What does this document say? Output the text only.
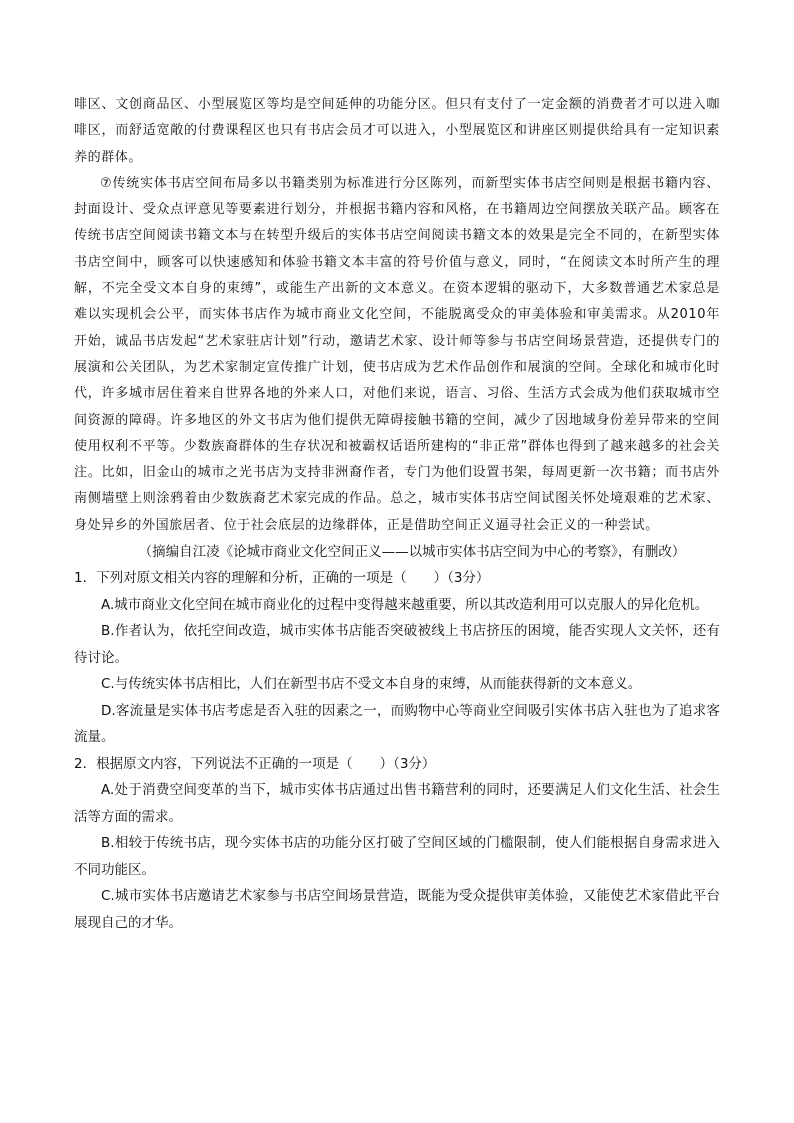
啡区、文创商品区、小型展览区等均是空间延伸的功能分区。但只有支付了一定金额的消费者才可以进入咖啡区，而舒适宽敞的付费课程区也只有书店会员才可以进入，小型展览区和讲座区则提供给具有一定知识素养的群体。

⑦传统实体书店空间布局多以书籍类别为标准进行分区陈列，而新型实体书店空间则是根据书籍内容、封面设计、受众点评意见等要素进行划分，并根据书籍内容和风格，在书籍周边空间摆放关联产品。顾客在传统书店空间阅读书籍文本与在转型升级后的实体书店空间阅读书籍文本的效果是完全不同的，在新型实体书店空间中，顾客可以快速感知和体验书籍文本丰富的符号价值与意义，同时，“在阅读文本时所产生的理解，不完全受文本自身的束缚”，或能生产出新的文本意义。在资本逻辑的驱动下，大多数普通艺术家总是难以实现机会公平，而实体书店作为城市商业文化空间，不能脱离受众的审美体验和审美需求。从2010年开始，诚品书店发起“艺术家驻店计划”行动，邀请艺术家、设计师等参与书店空间场景营造，还提供专门的展演和公关团队，为艺术家制定宣传推广计划，使书店成为艺术作品创作和展演的空间。全球化和城市化时代，许多城市居住着来自世界各地的外来人口，对他们来说，语言、习俗、生活方式会成为他们获取城市空间资源的障碍。许多地区的外文书店为他们提供无障碍接触书籍的空间，减少了因地域身份差异带来的空间使用权利不平等。少数族裔群体的生存状况和被霸权话语所建构的“非正常”群体也得到了越来越多的社会关注。比如，旧金山的城市之光书店为支持非洲裔作者，专门为他们设置书架，每周更新一次书籍；而书店外南侧墙壁上则涂鸦着由少数族裔艺术家完成的作品。总之，城市实体书店空间试图关怀处境艰难的艺术家、身处异乡的外国旅居者、位于社会底层的边缘群体，正是借助空间正义逼寻社会正义的一种尝试。

（摘编自江凌《论城市商业文化空间正义——以城市实体书店空间为中心的考察》，有删改）

1．下列对原文相关内容的理解和分析，正确的一项是（　　）（3分）

A.城市商业文化空间在城市商业化的过程中变得越来越重要，所以其改造利用可以克服人的异化危机。

B.作者认为，依托空间改造，城市实体书店能否突破被线上书店挤压的困境，能否实现人文关怀，还有待讨论。

C.与传统实体书店相比，人们在新型书店不受文本自身的束缚，从而能获得新的文本意义。

D.客流量是实体书店考虑是否入驻的因素之一，而购物中心等商业空间吸引实体书店入驻也为了追求客流量。

2．根据原文内容，下列说法不正确的一项是（　　）（3分）

A.处于消费空间变革的当下，城市实体书店通过出售书籍营利的同时，还要满足人们文化生活、社会生活等方面的需求。

B.相较于传统书店，现今实体书店的功能分区打破了空间区域的门槛限制，使人们能根据自身需求进入不同功能区。

C.城市实体书店邀请艺术家参与书店空间场景营造，既能为受众提供审美体验，又能使艺术家借此平台展现自己的才华。
